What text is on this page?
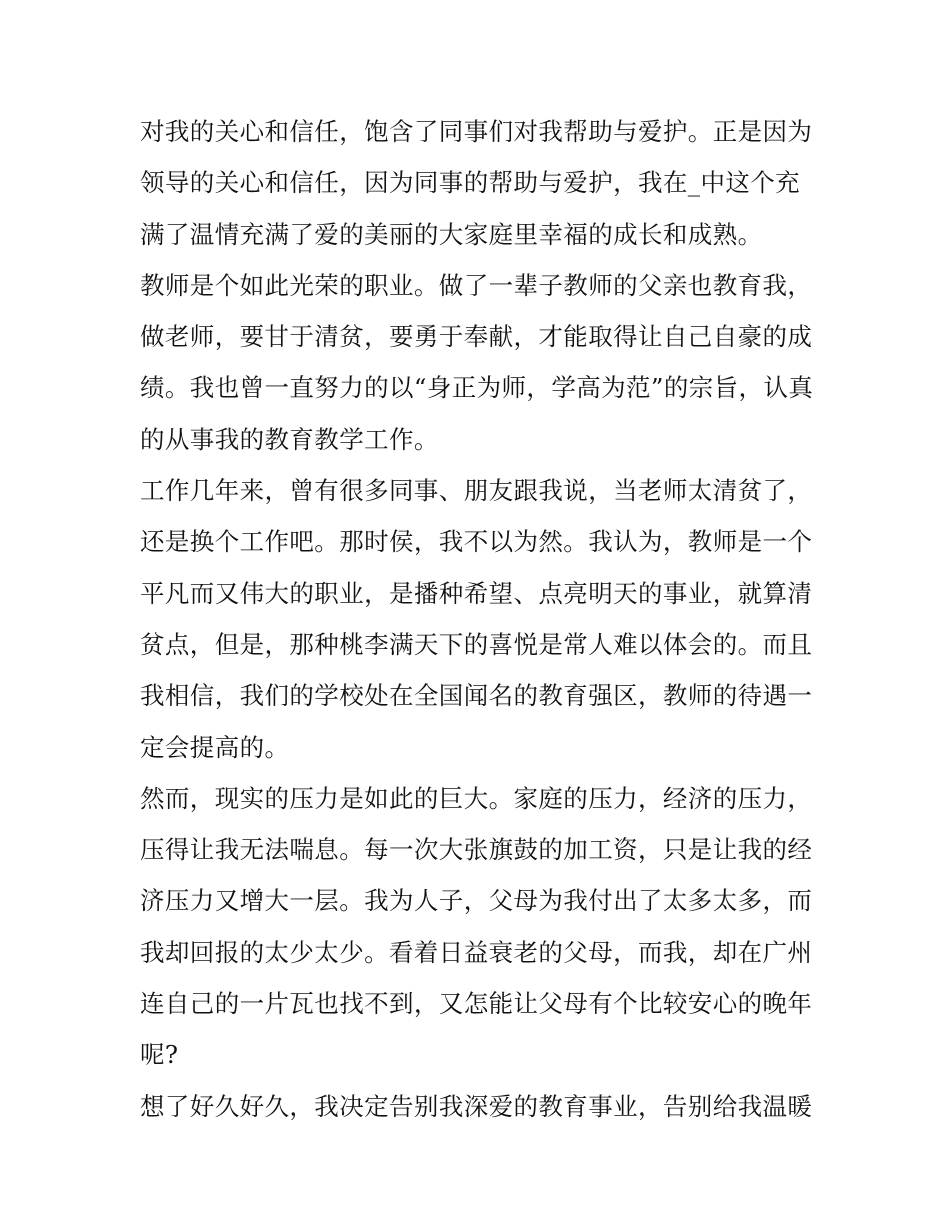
对我的关心和信任，饱含了同事们对我帮助与爱护。正是因为
领导的关心和信任，因为同事的帮助与爱护，我在_中这个充
满了温情充满了爱的美丽的大家庭里幸福的成长和成熟。
教师是个如此光荣的职业。做了一辈子教师的父亲也教育我，
做老师，要甘于清贫，要勇于奉献，才能取得让自己自豪的成
绩。我也曾一直努力的以“身正为师，学高为范”的宗旨，认真
的从事我的教育教学工作。
工作几年来，曾有很多同事、朋友跟我说，当老师太清贫了，
还是换个工作吧。那时侯，我不以为然。我认为，教师是一个
平凡而又伟大的职业，是播种希望、点亮明天的事业，就算清
贫点，但是，那种桃李满天下的喜悦是常人难以体会的。而且
我相信，我们的学校处在全国闻名的教育强区，教师的待遇一
定会提高的。
然而，现实的压力是如此的巨大。家庭的压力，经济的压力，
压得让我无法喘息。每一次大张旗鼓的加工资，只是让我的经
济压力又增大一层。我为人子，父母为我付出了太多太多，而
我却回报的太少太少。看着日益衰老的父母，而我，却在广州
连自己的一片瓦也找不到，又怎能让父母有个比较安心的晚年
呢?
想了好久好久，我决定告别我深爱的教育事业，告别给我温暖
